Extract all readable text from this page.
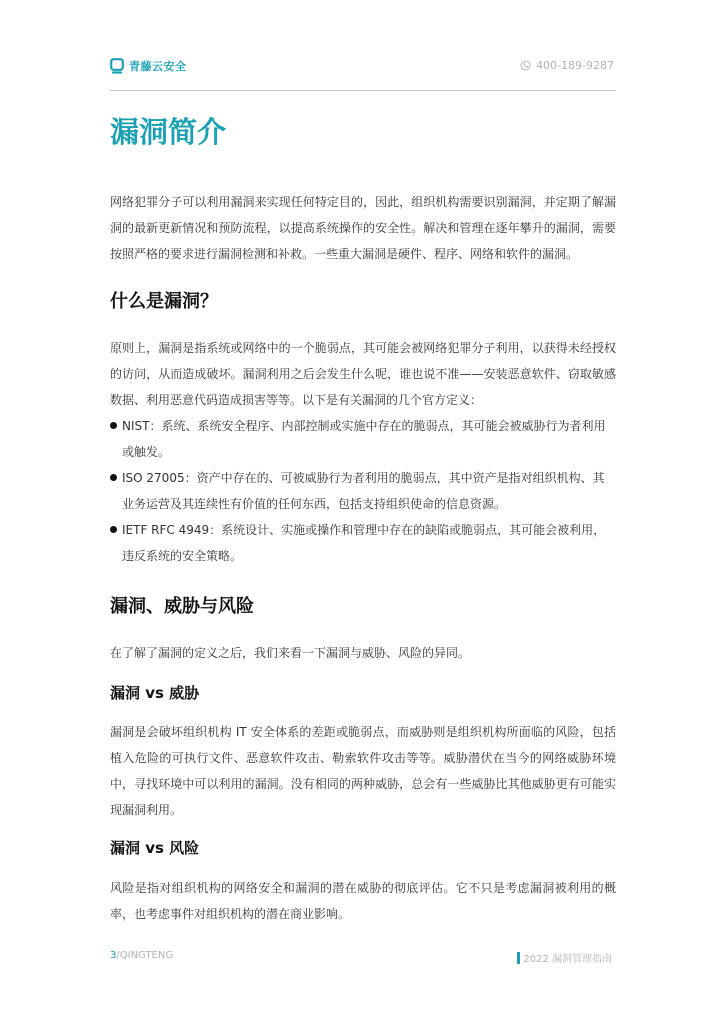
青藤云安全	400-189-9287
漏洞简介

网络犯罪分子可以利用漏洞来实现任何特定目的，因此，组织机构需要识别漏洞，并定期了解漏洞的最新更新情况和预防流程，以提高系统操作的安全性。解决和管理在逐年攀升的漏洞，需要按照严格的要求进行漏洞检测和补救。一些重大漏洞是硬件、程序、网络和软件的漏洞。

什么是漏洞？

原则上，漏洞是指系统或网络中的一个脆弱点，其可能会被网络犯罪分子利用，以获得未经授权的访问，从而造成破坏。漏洞利用之后会发生什么呢，谁也说不准——安装恶意软件、窃取敏感数据、利用恶意代码造成损害等等。以下是有关漏洞的几个官方定义：

NIST：系统、系统安全程序、内部控制或实施中存在的脆弱点，其可能会被威胁行为者利用或触发。
ISO 27005：资产中存在的、可被威胁行为者利用的脆弱点，其中资产是指对组织机构、其业务运营及其连续性有价值的任何东西，包括支持组织使命的信息资源。
IETF RFC 4949：系统设计、实施或操作和管理中存在的缺陷或脆弱点，其可能会被利用，违反系统的安全策略。
漏洞、威胁与风险

在了解了漏洞的定义之后，我们来看一下漏洞与威胁、风险的异同。

漏洞 vs 威胁

漏洞是会破坏组织机构 IT 安全体系的差距或脆弱点，而威胁则是组织机构所面临的风险，包括植入危险的可执行文件、恶意软件攻击、勒索软件攻击等等。威胁潜伏在当今的网络威胁环境中，寻找环境中可以利用的漏洞。没有相同的两种威胁，总会有一些威胁比其他威胁更有可能实现漏洞利用。

漏洞 vs 风险

风险是指对组织机构的网络安全和漏洞的潜在威胁的彻底评估。它不只是考虑漏洞被利用的概率，也考虑事件对组织机构的潜在商业影响。

3/QINGTENG	2022 漏洞管理指南
